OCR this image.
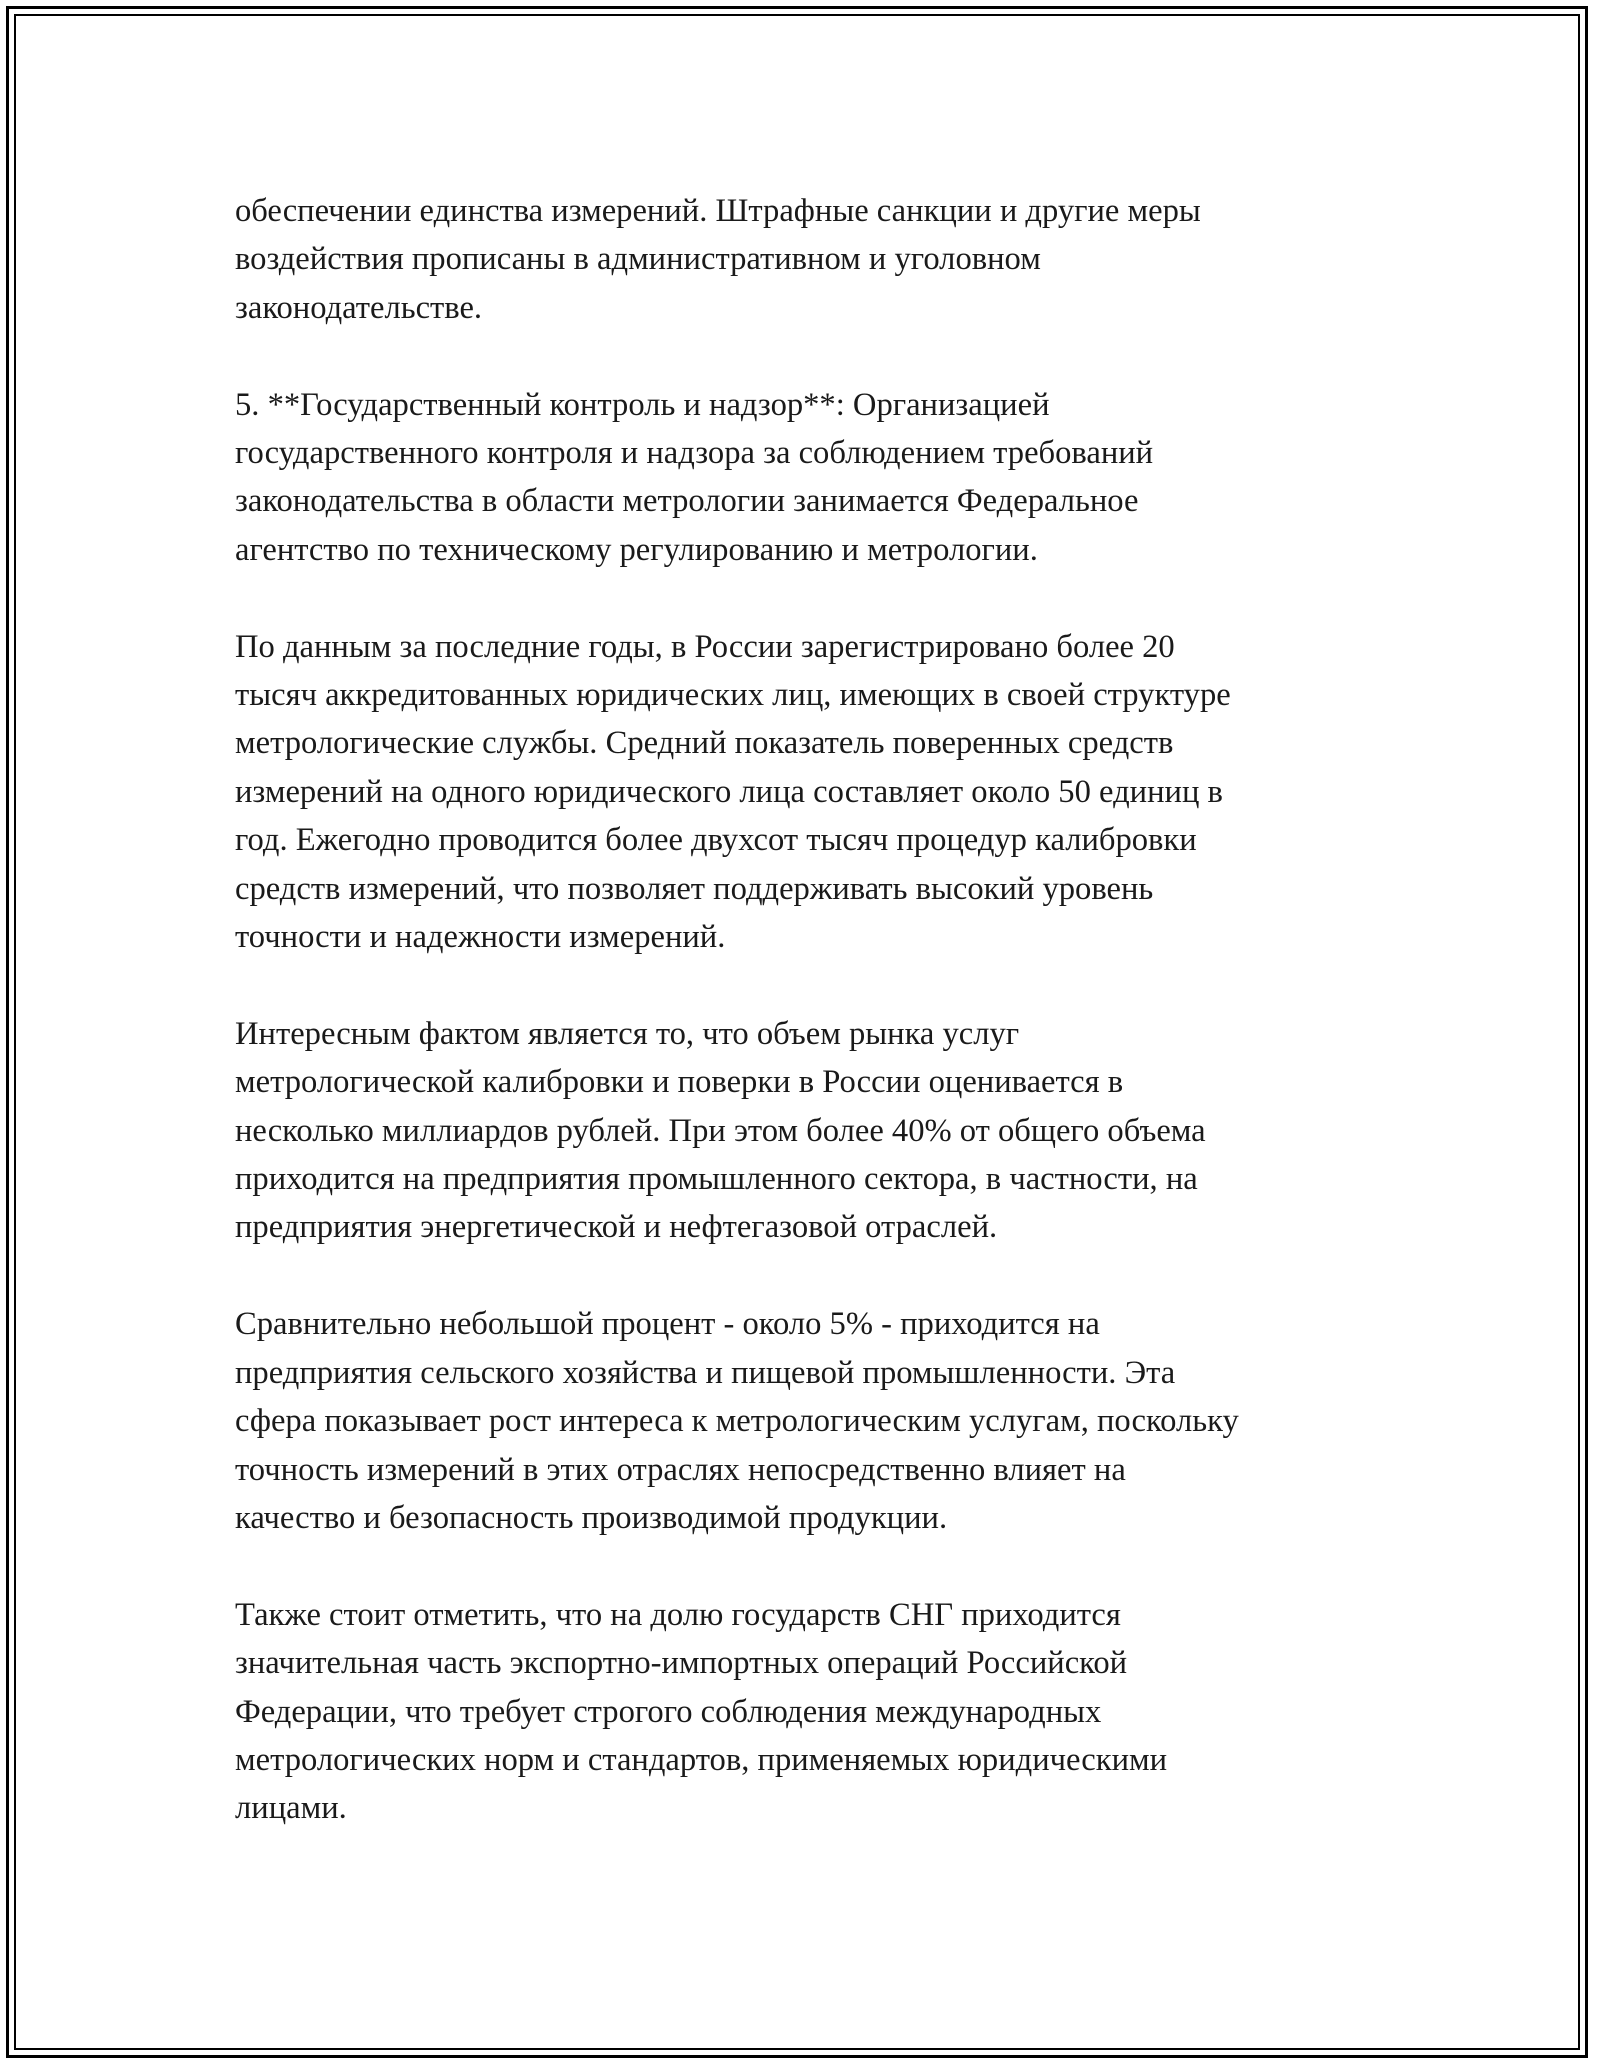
обеспечении единства измерений. Штрафные санкции и другие меры
воздействия прописаны в административном и уголовном
законодательстве.

5. **Государственный контроль и надзор**: Организацией
государственного контроля и надзора за соблюдением требований
законодательства в области метрологии занимается Федеральное
агентство по техническому регулированию и метрологии.

По данным за последние годы, в России зарегистрировано более 20
тысяч аккредитованных юридических лиц, имеющих в своей структуре
метрологические службы. Средний показатель поверенных средств
измерений на одного юридического лица составляет около 50 единиц в
год. Ежегодно проводится более двухсот тысяч процедур калибровки
средств измерений, что позволяет поддерживать высокий уровень
точности и надежности измерений.

Интересным фактом является то, что объем рынка услуг
метрологической калибровки и поверки в России оценивается в
несколько миллиардов рублей. При этом более 40% от общего объема
приходится на предприятия промышленного сектора, в частности, на
предприятия энергетической и нефтегазовой отраслей.

Сравнительно небольшой процент - около 5% - приходится на
предприятия сельского хозяйства и пищевой промышленности. Эта
сфера показывает рост интереса к метрологическим услугам, поскольку
точность измерений в этих отраслях непосредственно влияет на
качество и безопасность производимой продукции.

Также стоит отметить, что на долю государств СНГ приходится
значительная часть экспортно-импортных операций Российской
Федерации, что требует строгого соблюдения международных
метрологических норм и стандартов, применяемых юридическими
лицами.
